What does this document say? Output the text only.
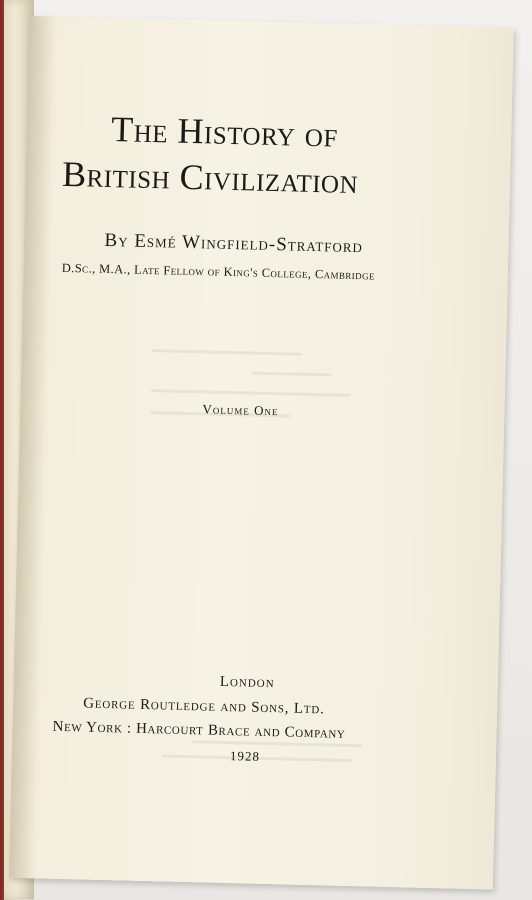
The History of
British Civilization
By Esmé Wingfield-Stratford
D.Sc., M.A., Late Fellow of King's College, Cambridge
Volume One
London
George Routledge and Sons, Ltd.
New York : Harcourt Brace and Company
1928
